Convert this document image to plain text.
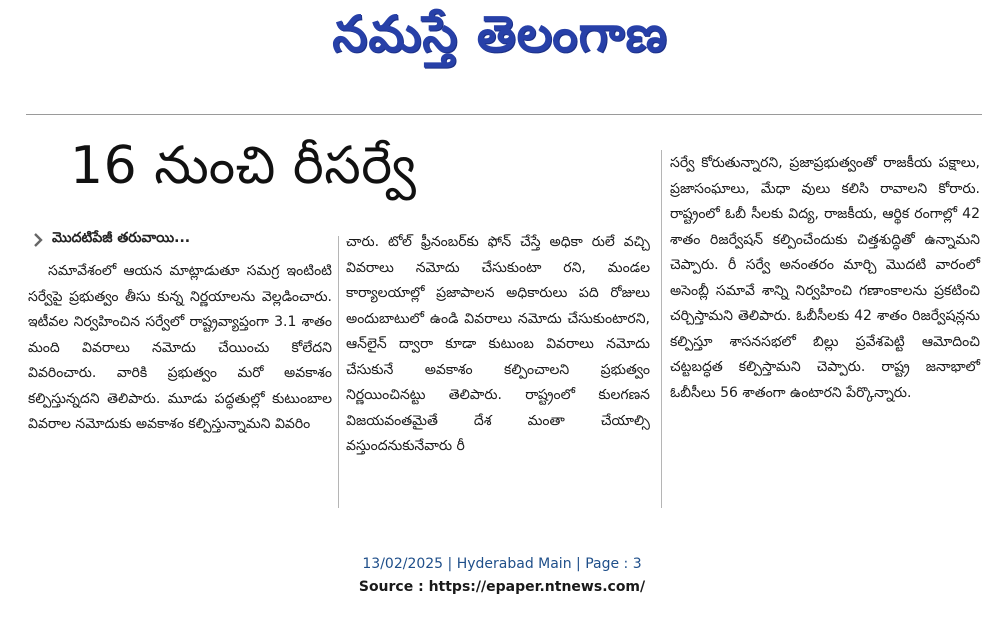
నమస్తే తెలంగాణ
16 నుంచి రీసర్వే
మొదటిపేజీ తరువాయి...

సమావేశంలో ఆయన మాట్లాడుతూ సమగ్ర ఇంటింటి సర్వేపై ప్రభుత్వం తీసు కున్న నిర్ణయాలను వెల్లడించారు. ఇటీవల నిర్వహించిన సర్వేలో రాష్ట్రవ్యాప్తంగా 3.1 శాతం మంది వివరాలు నమోదు చేయించు కోలేదని వివరించారు. వారికి ప్రభుత్వం మరో అవకాశం కల్పిస్తున్నదని తెలిపారు. మూడు పద్ధతుల్లో కుటుంబాల వివరాల నమోదుకు అవకాశం కల్పిస్తున్నామని వివరిం

చారు. టోల్ ఫ్రీనంబర్‌కు ఫోన్ చేస్తే అధికా రులే వచ్చి వివరాలు నమోదు చేసుకుంటా రని, మండల కార్యాలయాల్లో ప్రజాపాలన అధికారులు పది రోజులు అందుబాటులో ఉండి వివరాలు నమోదు చేసుకుంటారని, ఆన్‌లైన్ ద్వారా కూడా కుటుంబ వివరాలు నమోదు చేసుకునే అవకాశం కల్పించాలని ప్రభుత్వం నిర్ణయించినట్టు తెలిపారు. రాష్ట్రంలో కులగణన విజయవంతమైతే దేశ మంతా చేయాల్సి వస్తుందనుకునేవారు రీ

సర్వే కోరుతున్నారని, ప్రజాప్రభుత్వంతో రాజకీయ పక్షాలు, ప్రజాసంఘాలు, మేధా వులు కలిసి రావాలని కోరారు. రాష్ట్రంలో ఓబీ సీలకు విద్య, రాజకీయ, ఆర్థిక రంగాల్లో 42 శాతం రిజర్వేషన్ కల్పించేందుకు చిత్తశుద్ధితో ఉన్నామని చెప్పారు. రీ సర్వే అనంతరం మార్చి మొదటి వారంలో అసెంబ్లీ సమావే శాన్ని నిర్వహించి గణాంకాలను ప్రకటించి చర్చిస్తామని తెలిపారు. ఓబీసీలకు 42 శాతం రిజర్వేషన్లను కల్పిస్తూ శాసనసభలో బిల్లు ప్రవేశపెట్టి ఆమోదించి చట్టబద్ధత కల్పిస్తామని చెప్పారు. రాష్ట్ర జనాభాలో ఓబీసీలు 56 శాతంగా ఉంటారని పేర్కొన్నారు.

13/02/2025 | Hyderabad Main | Page : 3
Source : https://epaper.ntnews.com/
